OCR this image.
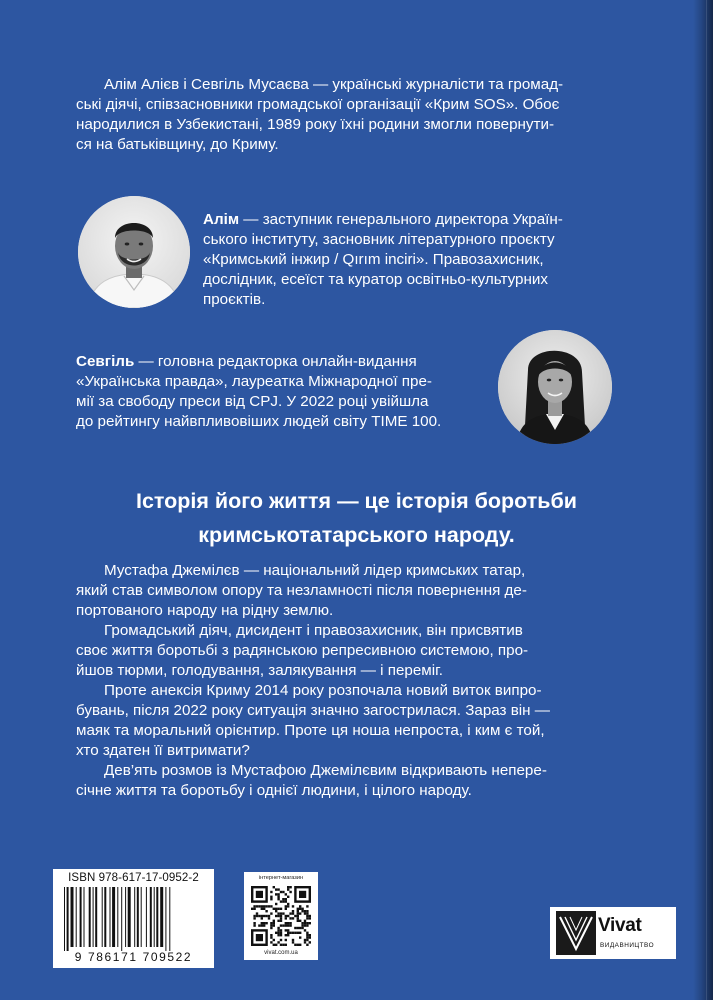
Алім Алієв і Севгіль Мусаєва — українські журналісти та громад-
ські діячі, співзасновники громадської організації «Крим SOS». Обоє
народилися в Узбекистані, 1989 року їхні родини змогли повернути-
ся на батьківщину, до Криму.
Алім — заступник генерального директора Україн-
ського інституту, засновник літературного проєкту
«Кримський інжир / Qırım inciri». Правозахисник,
дослідник, есеїст та куратор освітньо-культурних
проєктів.
Севгіль — головна редакторка онлайн-видання
«Українська правда», лауреатка Міжнародної пре-
мії за свободу преси від CPJ. У 2022 році увійшла
до рейтингу найвпливовіших людей світу TIME 100.
Історія його життя — це історія боротьби
кримськотатарського народу.
Мустафа Джемілєв — національний лідер кримських татар,
який став символом опору та незламності після повернення де-
портованого народу на рідну землю.
Громадський діяч, дисидент і правозахисник, він присвятив
своє життя боротьбі з радянською репресивною системою, про-
йшов тюрми, голодування, залякування — і переміг.
Проте анексія Криму 2014 року розпочала новий виток випро-
бувань, після 2022 року ситуація значно загострилася. Зараз він —
маяк та моральний орієнтир. Проте ця ноша непроста, і ким є той,
хто здатен її витримати?
Дев’ять розмов із Мустафою Джемілєвим відкривають непере-
січне життя та боротьбу і однієї людини, і цілого народу.
ISBN 978-617-17-0952-2
9 786171 709522
інтернет-магазин
vivat.com.ua
Vivat
ВИДАВНИЦТВО
